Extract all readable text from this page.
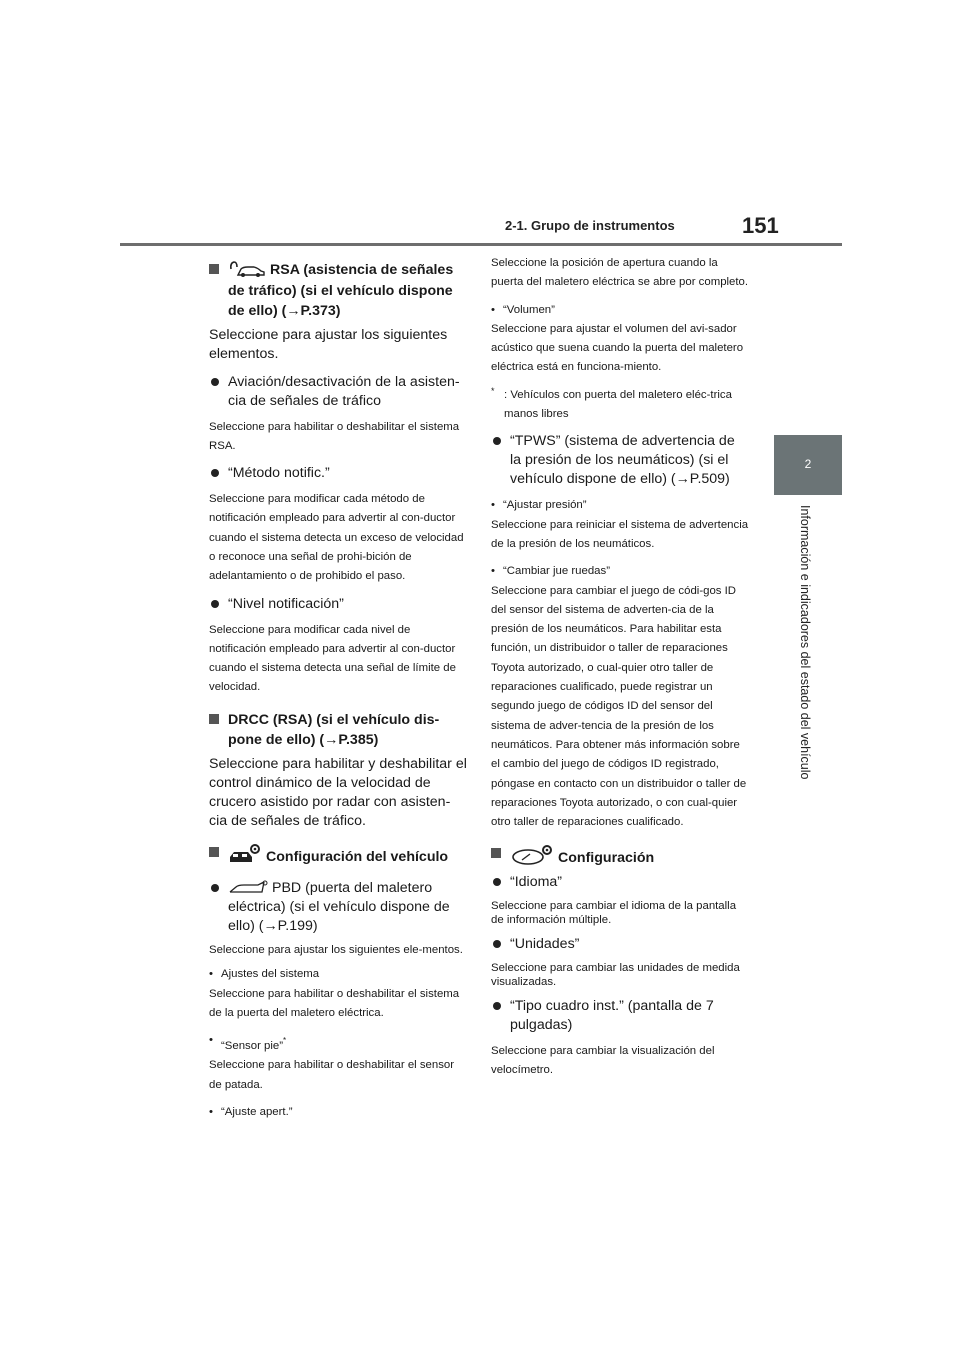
2-1. Grupo de instrumentos	151
2
Información e indicadores del estado del vehículo
RSA (asistencia de señales de tráfico) (si el vehículo dispone de ello) (→P.373)

Seleccione para ajustar los siguientes elementos.

Aviación/desactivación de la asisten-cia de señales de tráfico

Seleccione para habilitar o deshabilitar el sistema RSA.

“Método notific.”

Seleccione para modificar cada método de notificación empleado para advertir al con-ductor cuando el sistema detecta un exceso de velocidad o reconoce una señal de prohi-bición de adelantamiento o de prohibido el paso.

“Nivel notificación”

Seleccione para modificar cada nivel de notificación empleado para advertir al con-ductor cuando el sistema detecta una señal de límite de velocidad.

DRCC (RSA) (si el vehículo dis-pone de ello) (→P.385)

Seleccione para habilitar y deshabilitar el control dinámico de la velocidad de crucero asistido por radar con asisten-cia de señales de tráfico.

Configuración del vehículo
PBD (puerta del maletero eléctrica) (si el vehículo dispone de ello) (→P.199)

Seleccione para ajustar los siguientes ele-mentos.

• Ajustes del sistema

Seleccione para habilitar o deshabilitar el sistema de la puerta del maletero eléctrica.

• “Sensor pie”*

Seleccione para habilitar o deshabilitar el sensor de patada.

• “Ajuste apert.”

Seleccione la posición de apertura cuando la puerta del maletero eléctrica se abre por completo.

• “Volumen”

Seleccione para ajustar el volumen del avi-sador acústico que suena cuando la puerta del maletero eléctrica está en funciona-miento.

* : Vehículos con puerta del maletero eléc-trica manos libres
“TPWS” (sistema de advertencia de la presión de los neumáticos) (si el vehículo dispone de ello) (→P.509)
• “Ajustar presión”

Seleccione para reiniciar el sistema de advertencia de la presión de los neumáticos.

• “Cambiar jue ruedas”

Seleccione para cambiar el juego de códi-gos ID del sensor del sistema de adverten-cia de la presión de los neumáticos. Para habilitar esta función, un distribuidor o taller de reparaciones Toyota autorizado, o cual-quier otro taller de reparaciones cualificado, puede registrar un segundo juego de códigos ID del sensor del sistema de adver-tencia de la presión de los neumáticos. Para obtener más información sobre el cambio del juego de códigos ID registrado, póngase en contacto con un distribuidor o taller de reparaciones Toyota autorizado, o con cual-quier otro taller de reparaciones cualificado.

Configuración
“Idioma”

Seleccione para cambiar el idioma de la pantalla de información múltiple.

“Unidades”

Seleccione para cambiar las unidades de medida visualizadas.

“Tipo cuadro inst.” (pantalla de 7 pulgadas)

Seleccione para cambiar la visualización del velocímetro.
